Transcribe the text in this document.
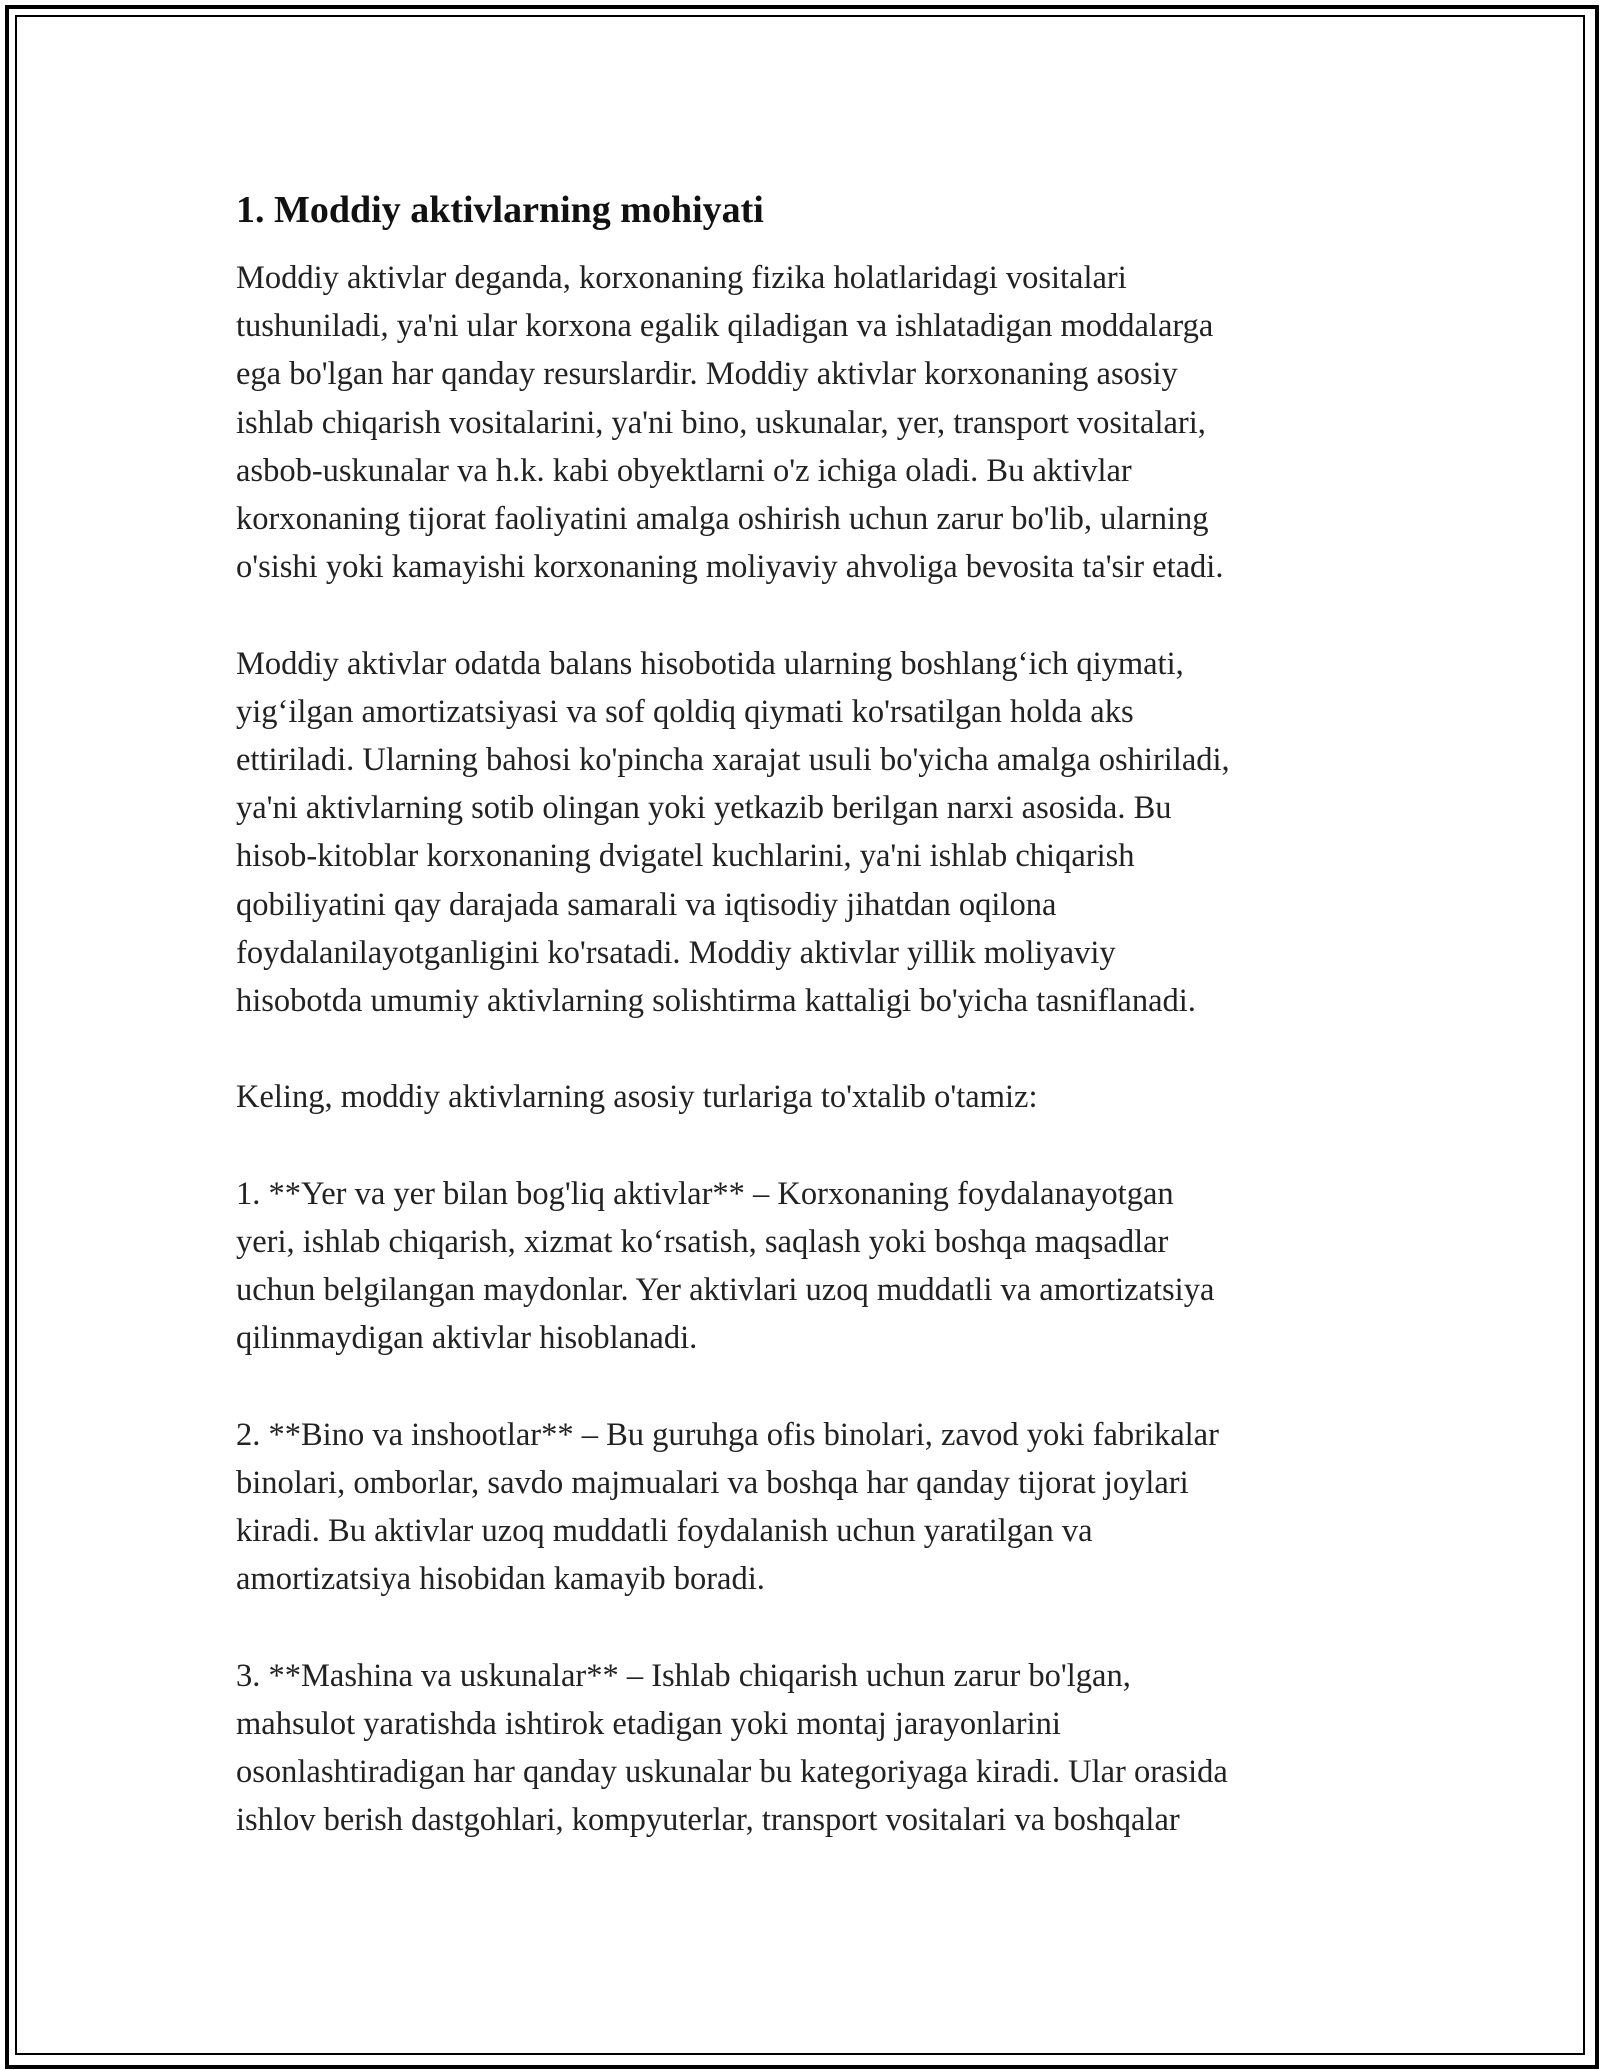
1. Moddiy aktivlarning mohiyati
Moddiy aktivlar deganda, korxonaning fizika holatlaridagi vositalari
tushuniladi, ya'ni ular korxona egalik qiladigan va ishlatadigan moddalarga
ega bo'lgan har qanday resurslardir. Moddiy aktivlar korxonaning asosiy
ishlab chiqarish vositalarini, ya'ni bino, uskunalar, yer, transport vositalari,
asbob-uskunalar va h.k. kabi obyektlarni o'z ichiga oladi. Bu aktivlar
korxonaning tijorat faoliyatini amalga oshirish uchun zarur bo'lib, ularning
o'sishi yoki kamayishi korxonaning moliyaviy ahvoliga bevosita ta'sir etadi.
Moddiy aktivlar odatda balans hisobotida ularning boshlang‘ich qiymati,
yig‘ilgan amortizatsiyasi va sof qoldiq qiymati ko'rsatilgan holda aks
ettiriladi. Ularning bahosi ko'pincha xarajat usuli bo'yicha amalga oshiriladi,
ya'ni aktivlarning sotib olingan yoki yetkazib berilgan narxi asosida. Bu
hisob-kitoblar korxonaning dvigatel kuchlarini, ya'ni ishlab chiqarish
qobiliyatini qay darajada samarali va iqtisodiy jihatdan oqilona
foydalanilayotganligini ko'rsatadi. Moddiy aktivlar yillik moliyaviy
hisobotda umumiy aktivlarning solishtirma kattaligi bo'yicha tasniflanadi.
Keling, moddiy aktivlarning asosiy turlariga to'xtalib o'tamiz:
1. **Yer va yer bilan bog'liq aktivlar** – Korxonaning foydalanayotgan
yeri, ishlab chiqarish, xizmat ko‘rsatish, saqlash yoki boshqa maqsadlar
uchun belgilangan maydonlar. Yer aktivlari uzoq muddatli va amortizatsiya
qilinmaydigan aktivlar hisoblanadi.
2. **Bino va inshootlar** – Bu guruhga ofis binolari, zavod yoki fabrikalar
binolari, omborlar, savdo majmualari va boshqa har qanday tijorat joylari
kiradi. Bu aktivlar uzoq muddatli foydalanish uchun yaratilgan va
amortizatsiya hisobidan kamayib boradi.
3. **Mashina va uskunalar** – Ishlab chiqarish uchun zarur bo'lgan,
mahsulot yaratishda ishtirok etadigan yoki montaj jarayonlarini
osonlashtiradigan har qanday uskunalar bu kategoriyaga kiradi. Ular orasida
ishlov berish dastgohlari, kompyuterlar, transport vositalari va boshqalar
